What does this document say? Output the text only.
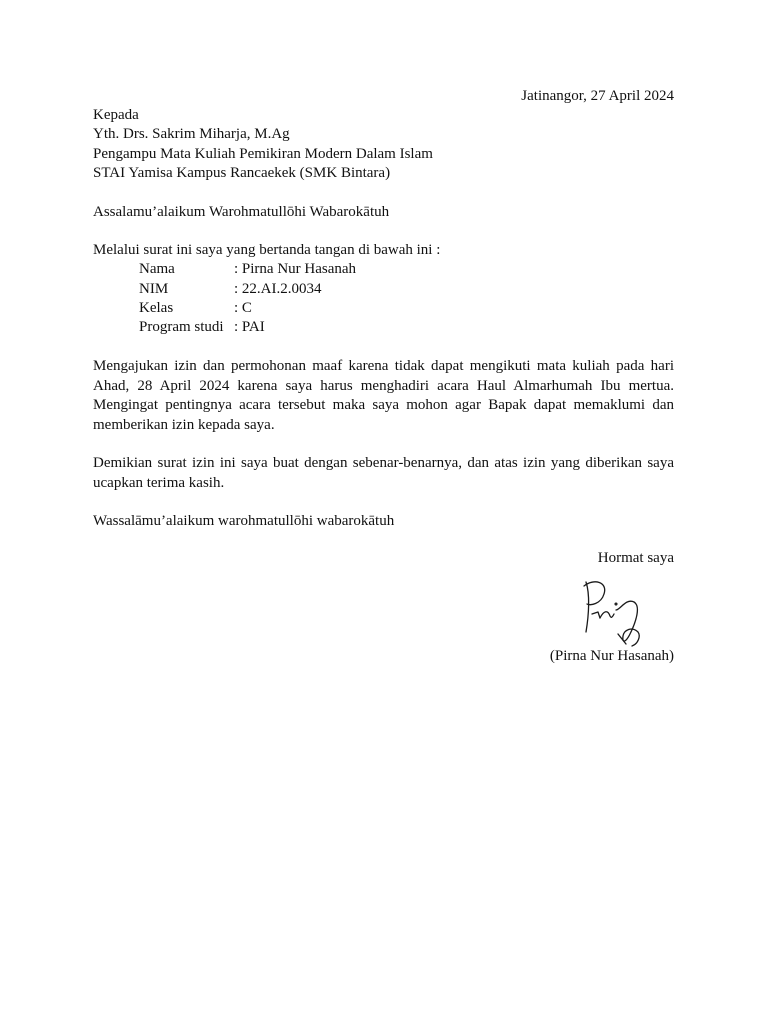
Jatinangor, 27 April 2024
Kepada
Yth. Drs. Sakrim Miharja, M.Ag
Pengampu Mata Kuliah Pemikiran Modern Dalam Islam
STAI Yamisa Kampus Rancaekek (SMK Bintara)
Assalamu’alaikum Warohmatullōhi Wabarokātuh
Melalui surat ini saya yang bertanda tangan di bawah ini :
Nama	: Pirna Nur Hasanah
NIM	: 22.AI.2.0034
Kelas	: C
Program studi : PAI
Mengajukan izin dan permohonan maaf karena tidak dapat mengikuti mata kuliah pada hari Ahad, 28 April 2024 karena saya harus menghadiri acara Haul Almarhumah Ibu mertua. Mengingat pentingnya acara tersebut maka saya mohon agar Bapak dapat memaklumi dan memberikan izin kepada saya.
Demikian surat izin ini saya buat dengan sebenar-benarnya, dan atas izin yang diberikan saya ucapkan terima kasih.
Wassalāmu’alaikum warohmatullōhi wabarokātuh
Hormat saya
(Pirna Nur Hasanah)
